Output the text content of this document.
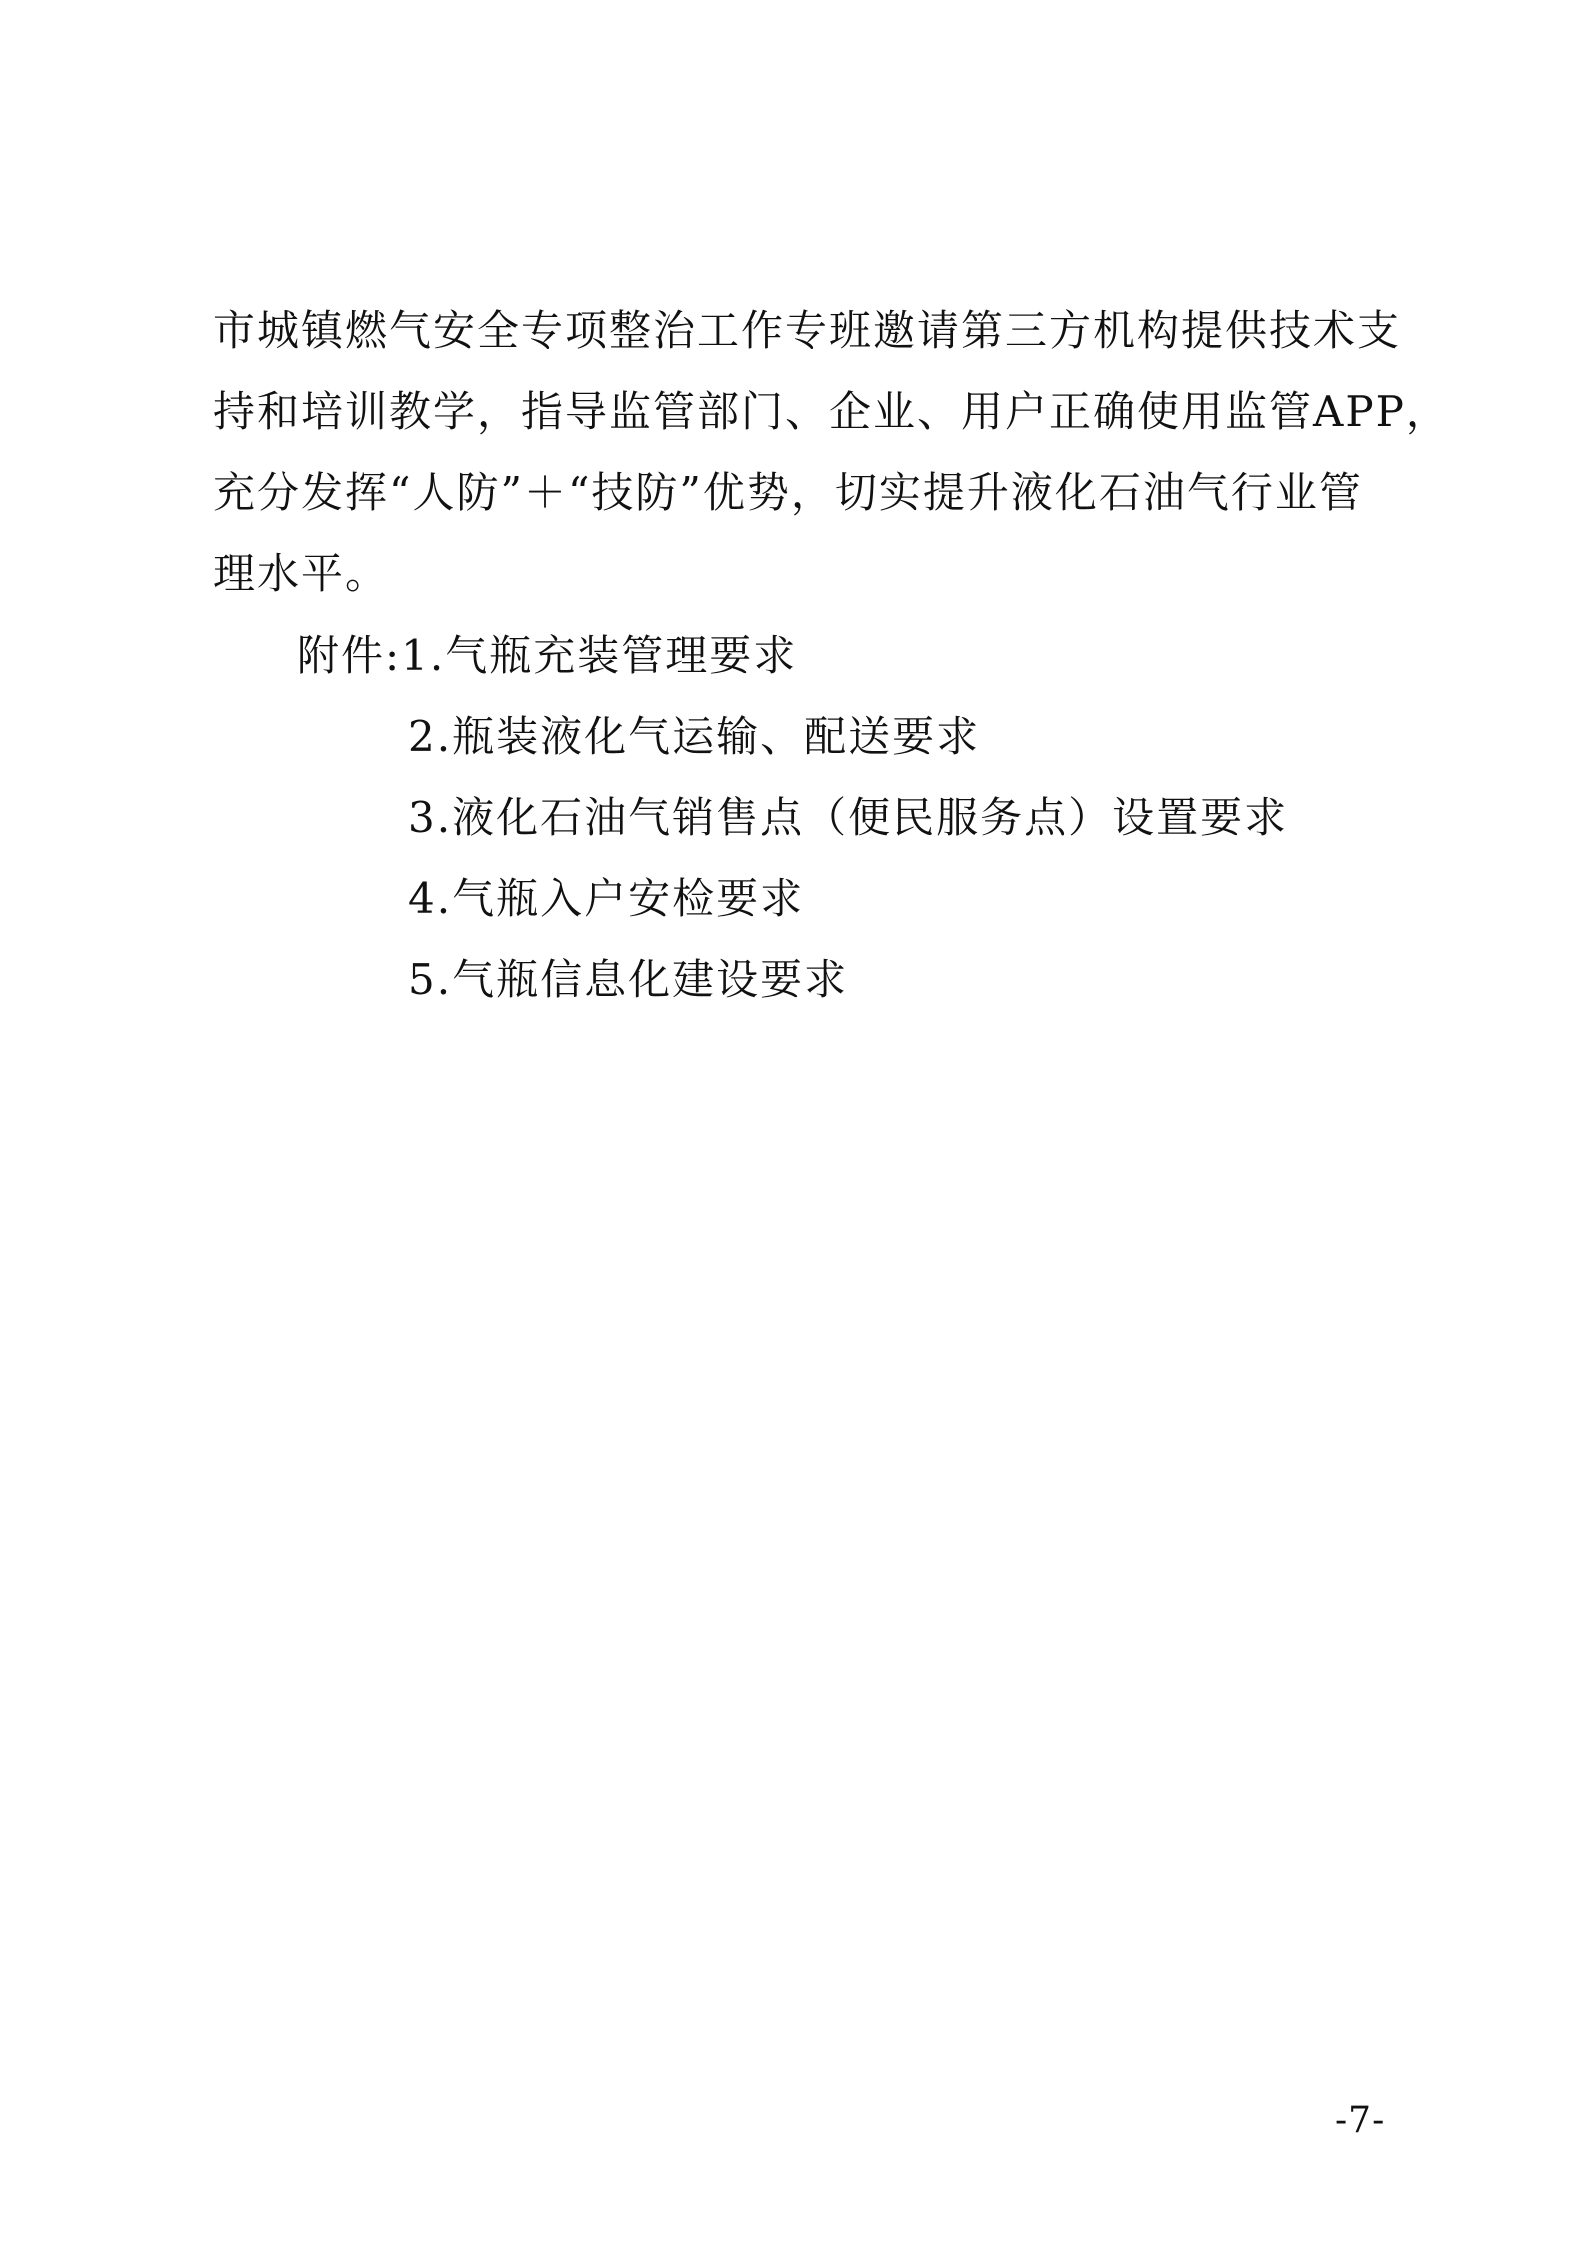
市城镇燃气安全专项整治工作专班邀请第三方机构提供技术支
持和培训教学，指导监管部门、企业、用户正确使用监管APP，
充分发挥“人防”＋“技防”优势，切实提升液化石油气行业管
理水平。
附件:1.气瓶充装管理要求
2.瓶装液化气运输、配送要求
3.液化石油气销售点（便民服务点）设置要求
4.气瓶入户安检要求
5.气瓶信息化建设要求
-7-
